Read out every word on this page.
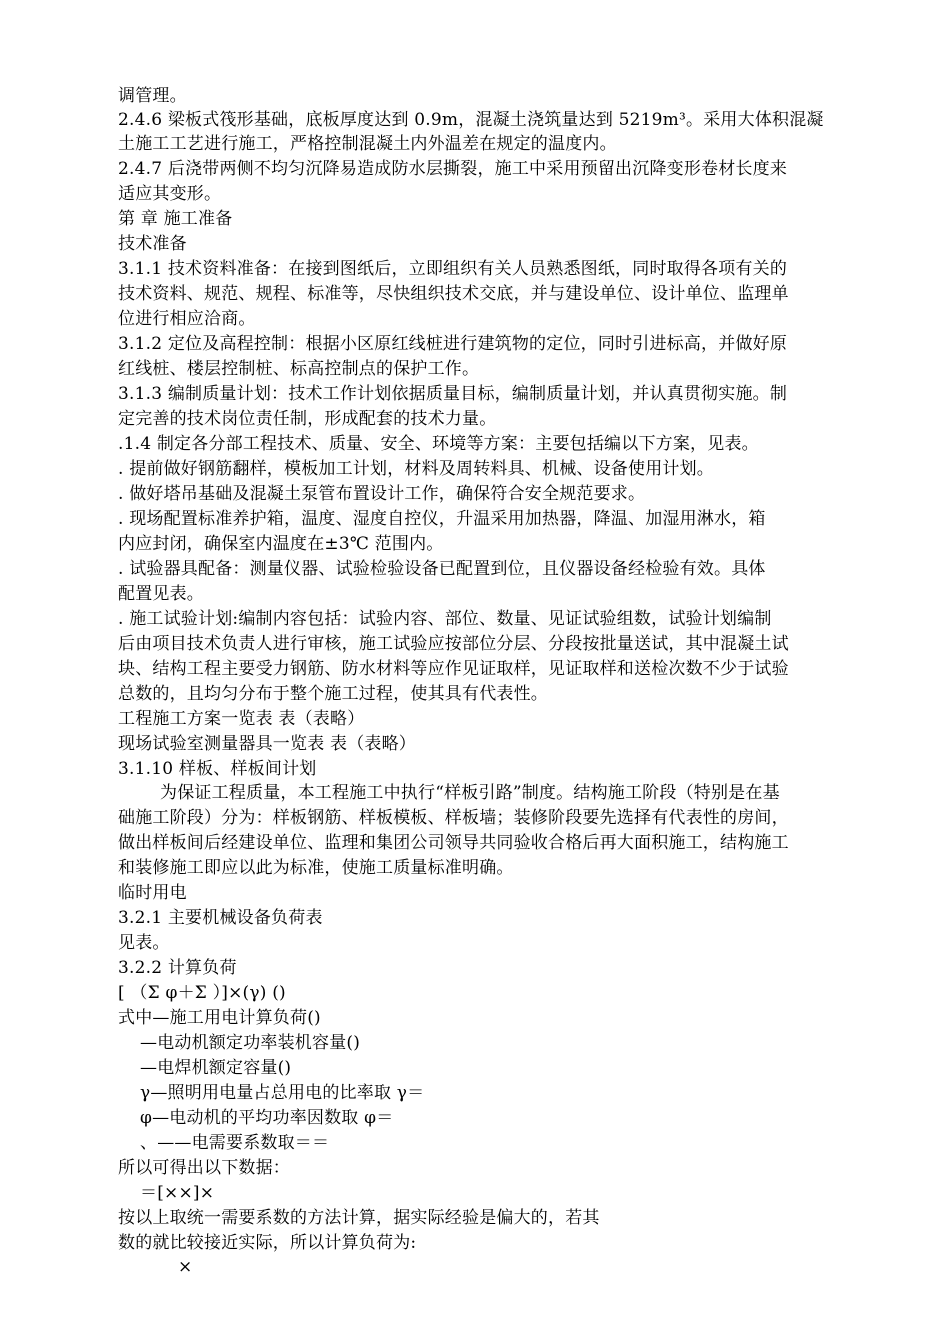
调管理。
2.4.6 梁板式筏形基础，底板厚度达到 0.9m，混凝土浇筑量达到 5219m³。采用大体积混凝
土施工工艺进行施工，严格控制混凝土内外温差在规定的温度内。
2.4.7 后浇带两侧不均匀沉降易造成防水层撕裂，施工中采用预留出沉降变形卷材长度来
适应其变形。
第 章 施工准备
技术准备
3.1.1 技术资料准备：在接到图纸后，立即组织有关人员熟悉图纸，同时取得各项有关的
技术资料、规范、规程、标准等，尽快组织技术交底，并与建设单位、设计单位、监理单
位进行相应洽商。
3.1.2 定位及高程控制：根据小区原红线桩进行建筑物的定位，同时引进标高，并做好原
红线桩、楼层控制桩、标高控制点的保护工作。
3.1.3 编制质量计划：技术工作计划依据质量目标，编制质量计划，并认真贯彻实施。制
定完善的技术岗位责任制，形成配套的技术力量。
.1.4 制定各分部工程技术、质量、安全、环境等方案：主要包括编以下方案，见表。
. 提前做好钢筋翻样，模板加工计划，材料及周转料具、机械、设备使用计划。
. 做好塔吊基础及混凝土泵管布置设计工作，确保符合安全规范要求。
. 现场配置标准养护箱，温度、湿度自控仪，升温采用加热器，降温、加湿用淋水，箱
内应封闭，确保室内温度在±3℃ 范围内。
. 试验器具配备：测量仪器、试验检验设备已配置到位，且仪器设备经检验有效。具体
配置见表。
. 施工试验计划:编制内容包括：试验内容、部位、数量、见证试验组数，试验计划编制
后由项目技术负责人进行审核，施工试验应按部位分层、分段按批量送试，其中混凝土试
块、结构工程主要受力钢筋、防水材料等应作见证取样，见证取样和送检次数不少于试验
总数的，且均匀分布于整个施工过程，使其具有代表性。
工程施工方案一览表 表（表略）
现场试验室测量器具一览表 表（表略）
3.1.10 样板、样板间计划
为保证工程质量，本工程施工中执行“样板引路”制度。结构施工阶段（特别是在基
础施工阶段）分为：样板钢筋、样板模板、样板墙；装修阶段要先选择有代表性的房间，
做出样板间后经建设单位、监理和集团公司领导共同验收合格后再大面积施工，结构施工
和装修施工即应以此为标准，使施工质量标准明确。
临时用电
3.2.1 主要机械设备负荷表
见表。
3.2.2 计算负荷
[ （Σ φ＋Σ ）]×(γ) ()
式中—施工用电计算负荷()
—电动机额定功率装机容量()
—电焊机额定容量()
γ—照明用电量占总用电的比率取 γ＝
φ—电动机的平均功率因数取 φ＝
、——电需要系数取＝＝
所以可得出以下数据：
＝[××]×
按以上取统一需要系数的方法计算，据实际经验是偏大的，若其
数的就比较接近实际，所以计算负荷为:
×
